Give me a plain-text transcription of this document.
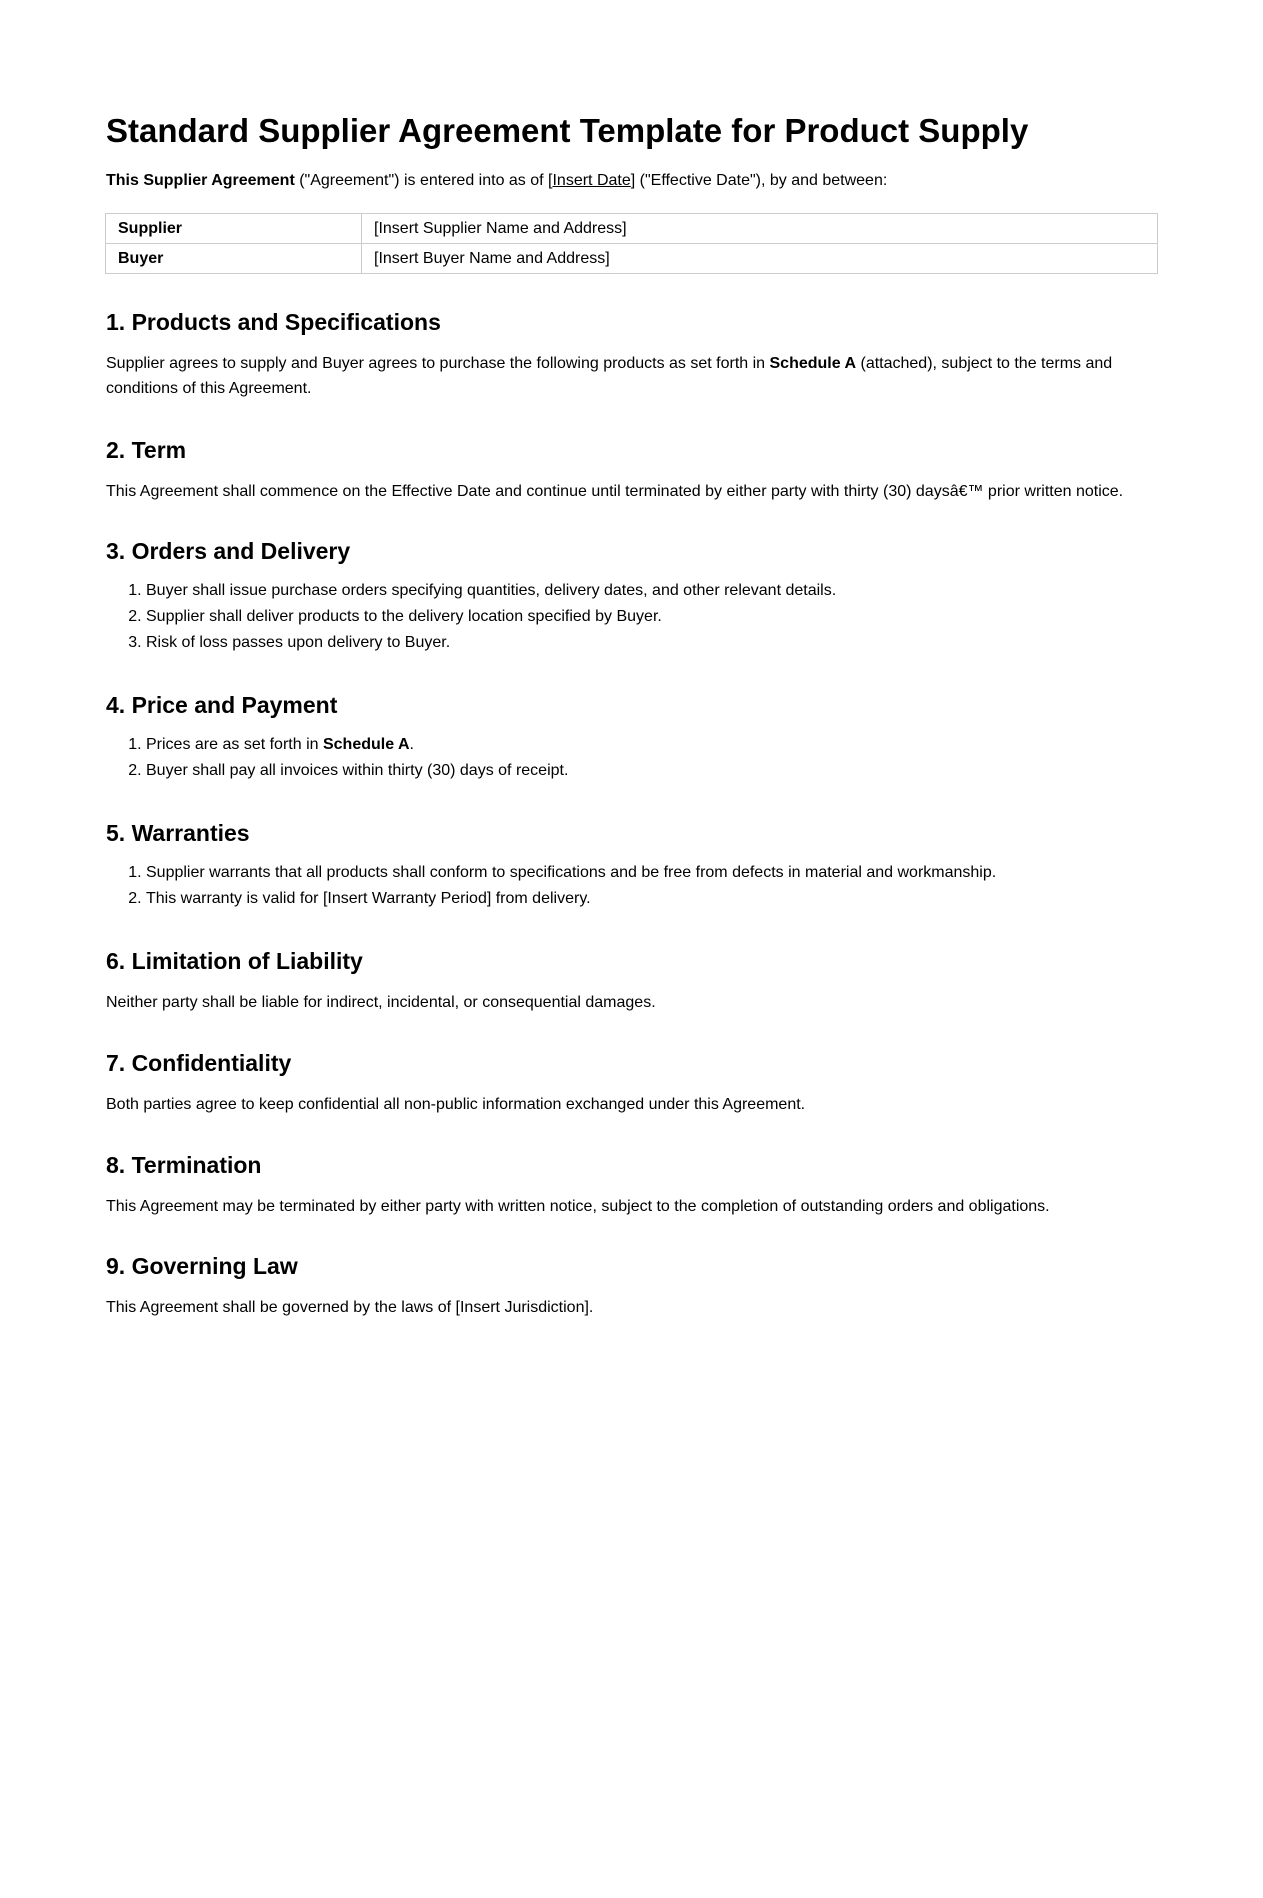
Standard Supplier Agreement Template for Product Supply
This Supplier Agreement ("Agreement") is entered into as of [Insert Date] ("Effective Date"), by and between:
Supplier	[Insert Supplier Name and Address]
Buyer	[Insert Buyer Name and Address]
1. Products and Specifications

Supplier agrees to supply and Buyer agrees to purchase the following products as set forth in Schedule A (attached), subject to the terms and conditions of this Agreement.

2. Term

This Agreement shall commence on the Effective Date and continue until terminated by either party with thirty (30) daysâ€™ prior written notice.

3. Orders and Delivery
1. Buyer shall issue purchase orders specifying quantities, delivery dates, and other relevant details.
2. Supplier shall deliver products to the delivery location specified by Buyer.
3. Risk of loss passes upon delivery to Buyer.
4. Price and Payment
1. Prices are as set forth in Schedule A.
2. Buyer shall pay all invoices within thirty (30) days of receipt.
5. Warranties
1. Supplier warrants that all products shall conform to specifications and be free from defects in material and workmanship.
2. This warranty is valid for [Insert Warranty Period] from delivery.
6. Limitation of Liability

Neither party shall be liable for indirect, incidental, or consequential damages.

7. Confidentiality

Both parties agree to keep confidential all non-public information exchanged under this Agreement.

8. Termination

This Agreement may be terminated by either party with written notice, subject to the completion of outstanding orders and obligations.

9. Governing Law

This Agreement shall be governed by the laws of [Insert Jurisdiction].
